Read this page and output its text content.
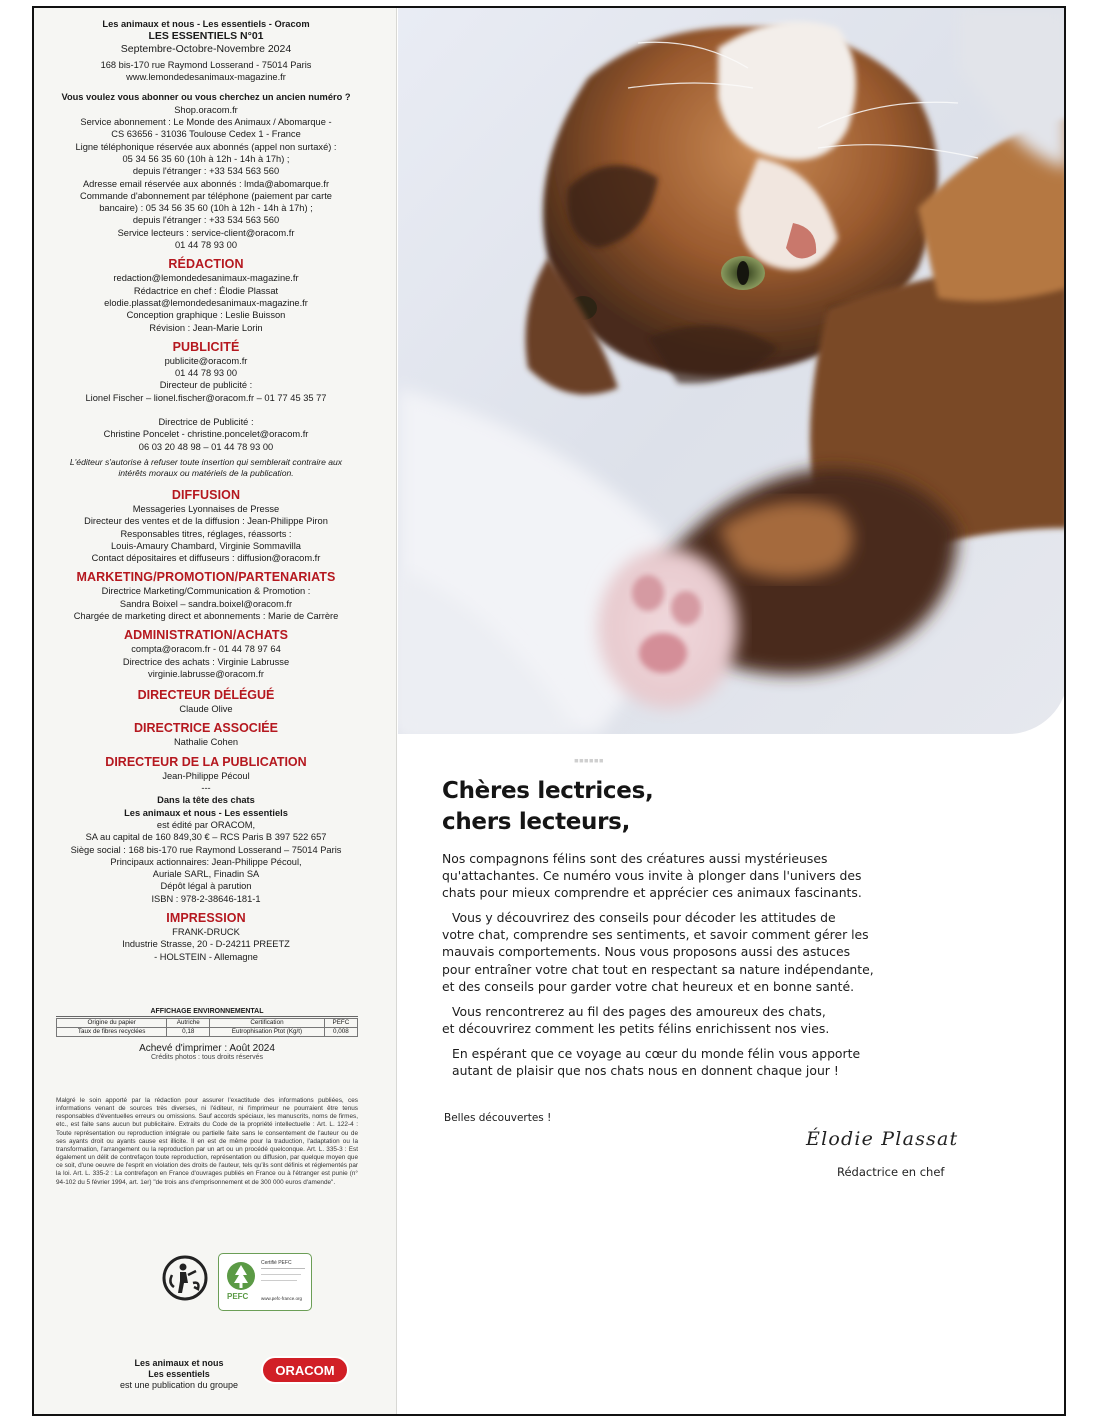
Les animaux et nous - Les essentiels - Oracom

LES ESSENTIELS N°01

Septembre-Octobre-Novembre 2024

168 bis-170 rue Raymond Losserand - 75014 Paris

www.lemondedesanimaux-magazine.fr

Vous voulez vous abonner ou vous cherchez un ancien numéro ?

Shop.oracom.fr

Service abonnement : Le Monde des Animaux / Abomarque -

CS 63656 - 31036 Toulouse Cedex 1 - France

Ligne téléphonique réservée aux abonnés (appel non surtaxé) :

05 34 56 35 60 (10h à 12h - 14h à 17h) ;

depuis l'étranger : +33 534 563 560

Adresse email réservée aux abonnés : lmda@abomarque.fr

Commande d'abonnement par téléphone (paiement par carte

bancaire) : 05 34 56 35 60 (10h à 12h - 14h à 17h) ;

depuis l'étranger : +33 534 563 560

Service lecteurs : service-client@oracom.fr

01 44 78 93 00

RÉDACTION

redaction@lemondedesanimaux-magazine.fr

Rédactrice en chef : Élodie Plassat

elodie.plassat@lemondedesanimaux-magazine.fr

Conception graphique : Leslie Buisson

Révision : Jean-Marie Lorin

PUBLICITÉ

publicite@oracom.fr

01 44 78 93 00

Directeur de publicité :

Lionel Fischer – lionel.fischer@oracom.fr – 01 77 45 35 77

Directrice de Publicité :

Christine Poncelet - christine.poncelet@oracom.fr

06 03 20 48 98 – 01 44 78 93 00

L'éditeur s'autorise à refuser toute insertion qui semblerait contraire aux

intérêts moraux ou matériels de la publication.

DIFFUSION

Messageries Lyonnaises de Presse

Directeur des ventes et de la diffusion : Jean-Philippe Piron

Responsables titres, réglages, réassorts :

Louis-Amaury Chambard, Virginie Sommavilla

Contact dépositaires et diffuseurs : diffusion@oracom.fr

MARKETING/PROMOTION/PARTENARIATS

Directrice Marketing/Communication & Promotion :

Sandra Boixel – sandra.boixel@oracom.fr

Chargée de marketing direct et abonnements : Marie de Carrère

ADMINISTRATION/ACHATS

compta@oracom.fr - 01 44 78 97 64

Directrice des achats : Virginie Labrusse

virginie.labrusse@oracom.fr

DIRECTEUR DÉLÉGUÉ

Claude Olive

DIRECTRICE ASSOCIÉE

Nathalie Cohen

DIRECTEUR DE LA PUBLICATION

Jean-Philippe Pécoul

---

Dans la tête des chats

Les animaux et nous - Les essentiels

est édité par ORACOM,

SA au capital de 160 849,30 € – RCS Paris B 397 522 657

Siège social : 168 bis-170 rue Raymond Losserand – 75014 Paris

Principaux actionnaires: Jean-Philippe Pécoul,

Auriale SARL, Finadin SA

Dépôt légal à parution

ISBN : 978-2-38646-181-1

IMPRESSION

FRANK-DRUCK

Industrie Strasse, 20 - D-24211 PREETZ

- HOLSTEIN - Allemagne

AFFICHAGE ENVIRONNEMENTAL
Origine du papier	Autriche	Certification	PEFC
Taux de fibres recyclées	0,18	Eutrophisation Ptot (Kg/t)	0,008

Achevé d'imprimer : Août 2024

Crédits photos : tous droits réservés

Malgré le soin apporté par la rédaction pour assurer l'exactitude des informations publiées, ces informations venant de sources très diverses, ni l'éditeur, ni l'imprimeur ne pourraient être tenus responsables d'éventuelles erreurs ou omissions. Sauf accords spéciaux, les manuscrits, noms de firmes, etc., est faite sans aucun but publicitaire. Extraits du Code de la propriété intellectuelle : Art. L. 122-4 : Toute représentation ou reproduction intégrale ou partielle faite sans le consentement de l'auteur ou de ses ayants droit ou ayants cause est illicite. Il en est de même pour la traduction, l'adaptation ou la transformation, l'arrangement ou la reproduction par un art ou un procédé quelconque. Art. L. 335-3 : Est également un délit de contrefaçon toute reproduction, représentation ou diffusion, par quelque moyen que ce soit, d'une oeuvre de l'esprit en violation des droits de l'auteur, tels qu'ils sont définis et réglementés par la loi. Art. L. 335-2 : La contrefaçon en France d'ouvrages publiés en France ou à l'étranger est punie (n° 94-102 du 5 février 1994, art. 1er) "de trois ans d'emprisonnement et de 300 000 euros d'amende".
Certifié PEFC
PEFC	www.pefc-france.org

Les animaux et nous

Les essentiels

est une publication du groupe

ORACOM
▪▪▪▪▪▪
Chères lectrices,
chers lecteurs,

Nos compagnons félins sont des créatures aussi mystérieuses

qu'attachantes. Ce numéro vous invite à plonger dans l'univers des

chats pour mieux comprendre et apprécier ces animaux fascinants.

Vous y découvrirez des conseils pour décoder les attitudes de

votre chat, comprendre ses sentiments, et savoir comment gérer les

mauvais comportements. Nous vous proposons aussi des astuces

pour entraîner votre chat tout en respectant sa nature indépendante,

et des conseils pour garder votre chat heureux et en bonne santé.

Vous rencontrerez au fil des pages des amoureux des chats,

et découvrirez comment les petits félins enrichissent nos vies.

En espérant que ce voyage au cœur du monde félin vous apporte

autant de plaisir que nos chats nous en donnent chaque jour !

Belles découvertes !

Élodie Plassat
Rédactrice en chef
